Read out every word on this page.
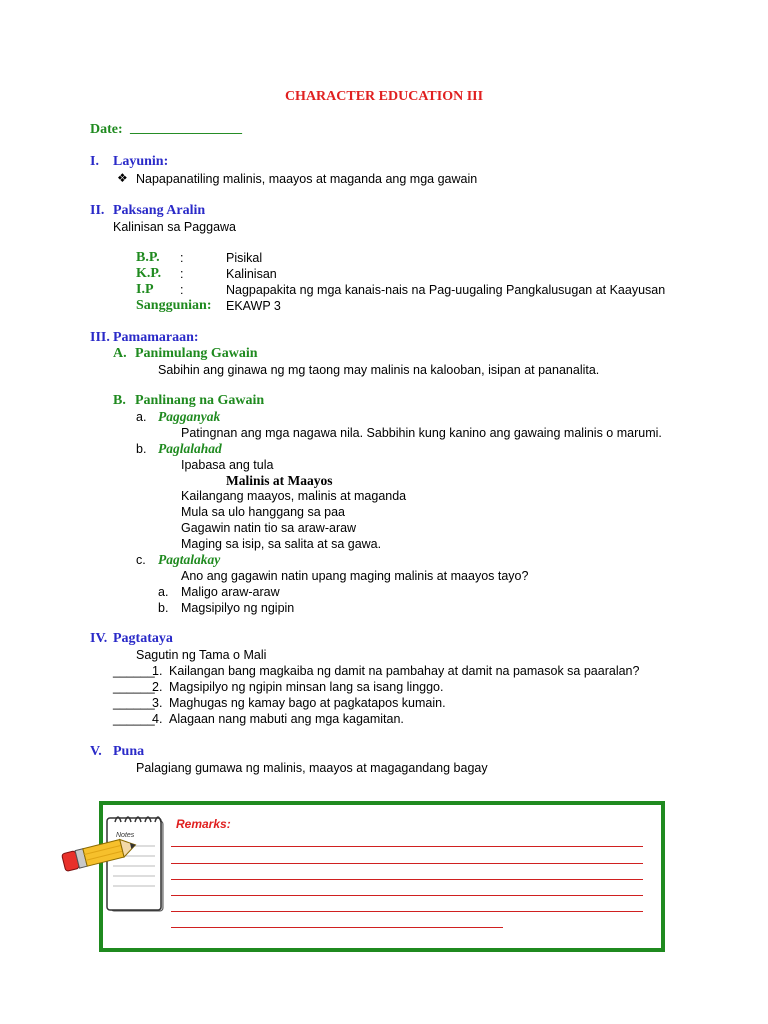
CHARACTER EDUCATION III
Date: ________________
I. Layunin:
❖ Napapanatiling malinis, maayos at maganda ang mga gawain
II. Paksang Aralin
Kalinisan sa Paggawa
B.P. :	Pisikal
K.P. :	Kalinisan
I.P :	Nagpapakita ng mga kanais-nais na Pag-uugaling Pangkalusugan at Kaayusan
Sanggunian: EKAWP 3
III. Pamamaraan:
A. Panimulang Gawain
Sabihin ang ginawa ng mg taong may malinis na kalooban, isipan at pananalita.
B. Panlinang na Gawain
a. Pagganyak
Patingnan ang mga nagawa nila. Sabbihin kung kanino ang gawaing malinis o marumi.
b. Paglalahad
Ipabasa ang tula
Malinis at Maayos
Kailangang maayos, malinis at maganda
Mula sa ulo hanggang sa paa
Gagawin natin tio sa araw-araw
Maging sa isip, sa salita at sa gawa.
c. Pagtalakay
Ano ang gagawin natin upang maging malinis at maayos tayo?
a. Maligo araw-araw
b. Magsipilyo ng ngipin
IV. Pagtataya
Sagutin ng Tama o Mali
______
1. Kailangan bang magkaiba ng damit na pambahay at damit na pamasok sa paaralan?
______
2. Magsipilyo ng ngipin minsan lang sa isang linggo.
______
3. Maghugas ng kamay bago at pagkatapos kumain.
______
4. Alagaan nang mabuti ang mga kagamitan.
V. Puna
Palagiang gumawa ng malinis, maayos at magagandang bagay
Remarks:
Notes
